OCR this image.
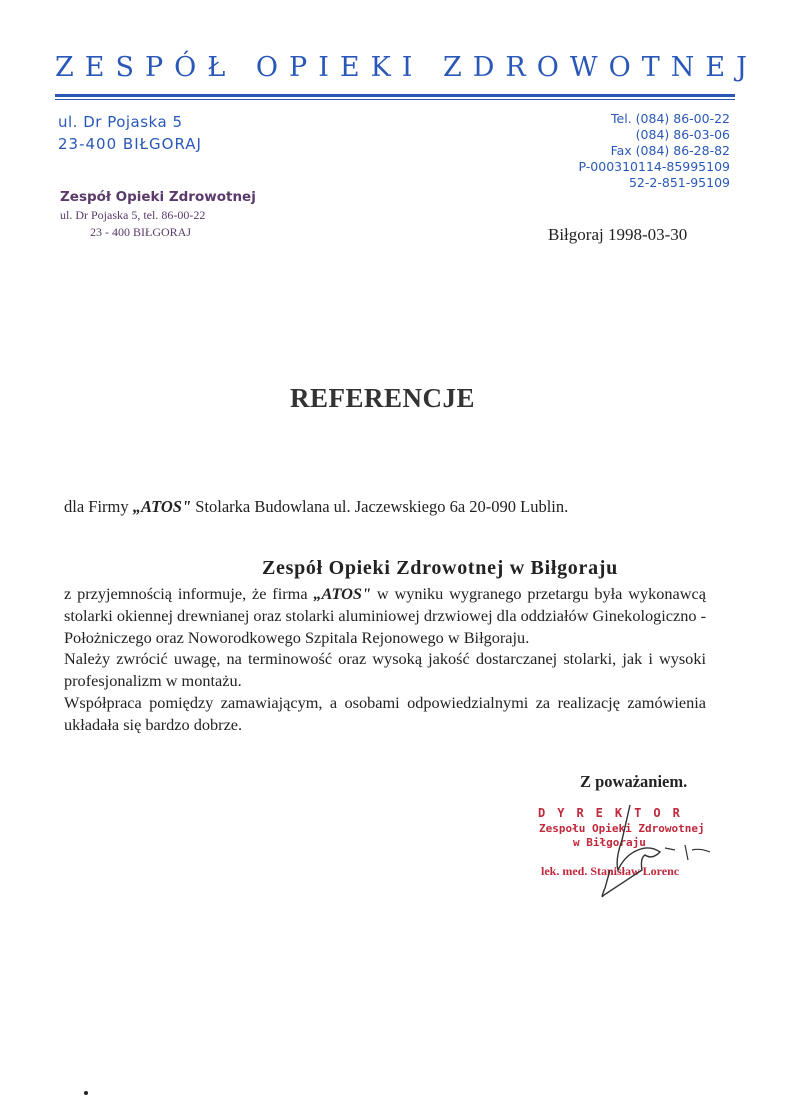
ZESPÓŁ OPIEKI ZDROWOTNEJ
ul. Dr Pojaska 5
23-400 BIŁGORAJ
Tel. (084) 86-00-22
(084) 86-03-06
Fax (084) 86-28-82
P-000310114-85995109
52-2-851-95109
Zespół Opieki Zdrowotnej
ul. Dr Pojaska 5, tel. 86-00-22
23 - 400 BIŁGORAJ	Biłgoraj 1998-03-30
REFERENCJE
dla Firmy „ATOS" Stolarka Budowlana ul. Jaczewskiego 6a 20-090 Lublin.
Zespół Opieki Zdrowotnej w Biłgoraju

z przyjemnością informuje, że firma „ATOS" w wyniku wygranego przetargu była wykonawcą stolarki okiennej drewnianej oraz stolarki aluminiowej drzwiowej dla oddziałów Ginekologiczno - Położniczego oraz Noworodkowego Szpitala Rejonowego w Biłgoraju.

Należy zwrócić uwagę, na terminowość oraz wysoką jakość dostarczanej stolarki, jak i wysoki profesjonalizm w montażu.

Współpraca pomiędzy zamawiającym, a osobami odpowiedzialnymi za realizację zamówienia układała się bardzo dobrze.

Z poważaniem.
DYREKTOR
Zespołu Opieki Zdrowotnej
w Biłgoraju
lek. med. Stanisław Lorenc
